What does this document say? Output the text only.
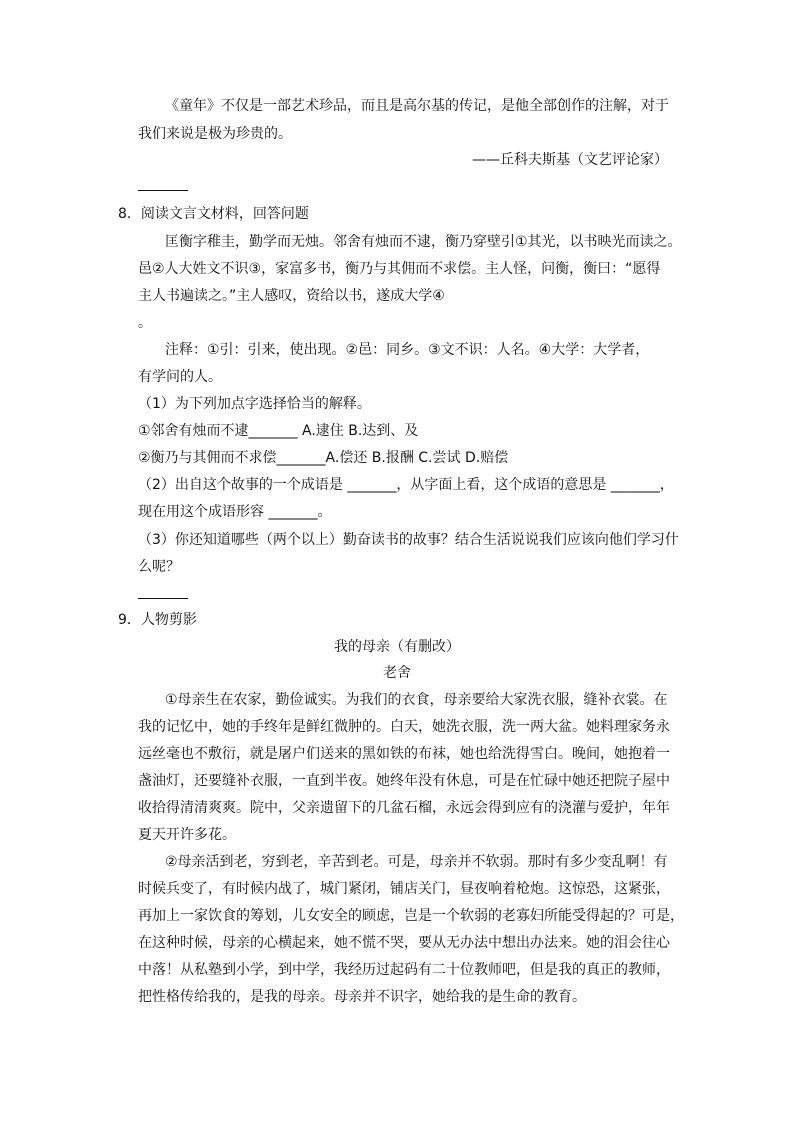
《童年》不仅是一部艺术珍品，而且是高尔基的传记，是他全部创作的注解，对于
我们来说是极为珍贵的。
——丘科夫斯基（文艺评论家）
8．阅读文言文材料，回答问题
匡衡字稚圭，勤学而无烛。邻舍有烛而不逮，衡乃穿壁引①其光，以书映光而读之。
邑②人大姓文不识③，家富多书，衡乃与其佣而不求偿。主人怪，问衡，衡曰：“愿得
主人书遍读之。”主人感叹，资给以书，遂成大学④
。
注释：①引：引来，使出现。②邑：同乡。③文不识：人名。④大学：大学者，
有学问的人。
（1）为下列加点字选择恰当的解释。
①邻舍有烛而不逮_______ A.逮住 B.达到、及
②衡乃与其佣而不求偿_______A.偿还 B.报酬 C.尝试 D.赔偿
（2）出自这个故事的一个成语是 _______，从字面上看，这个成语的意思是 _______，
现在用这个成语形容 _______。
（3）你还知道哪些（两个以上）勤奋读书的故事？结合生活说说我们应该向他们学习什
么呢？
9．人物剪影
我的母亲（有删改）
老舍
①母亲生在农家，勤俭诚实。为我们的衣食，母亲要给大家洗衣服，缝补衣裳。在
我的记忆中，她的手终年是鲜红微肿的。白天，她洗衣服，洗一两大盆。她料理家务永
远丝毫也不敷衍，就是屠户们送来的黑如铁的布袜，她也给洗得雪白。晚间，她抱着一
盏油灯，还要缝补衣服，一直到半夜。她终年没有休息，可是在忙碌中她还把院子屋中
收拾得清清爽爽。院中，父亲遗留下的几盆石榴，永远会得到应有的浇灌与爱护，年年
夏天开许多花。
②母亲活到老，穷到老，辛苦到老。可是，母亲并不软弱。那时有多少变乱啊！有
时候兵变了，有时候内战了，城门紧闭，铺店关门，昼夜响着枪炮。这惊恐，这紧张，
再加上一家饮食的筹划，儿女安全的顾虑，岂是一个软弱的老寡妇所能受得起的？可是，
在这种时候，母亲的心横起来，她不慌不哭，要从无办法中想出办法来。她的泪会往心
中落！从私塾到小学，到中学，我经历过起码有二十位教师吧，但是我的真正的教师，
把性格传给我的，是我的母亲。母亲并不识字，她给我的是生命的教育。
